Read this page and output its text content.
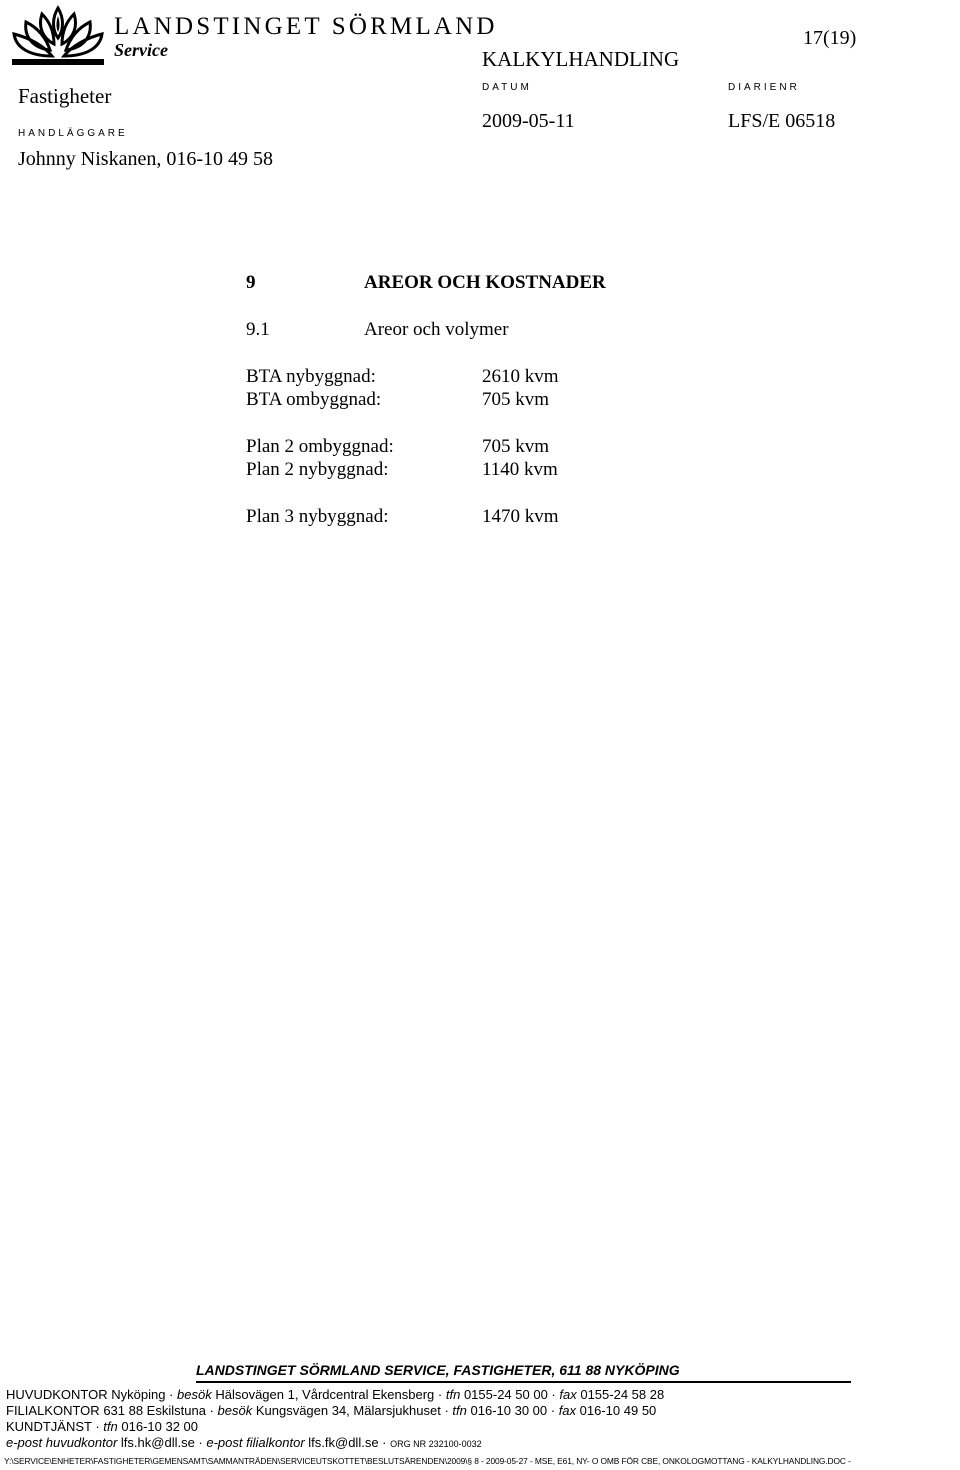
LANDSTINGET SÖRMLAND
Service
17(19)
KALKYLHANDLING
Fastigheter	DATUM	DIARIENR
2009-05-11	LFS/E 06518
HANDLÄGGARE
Johnny Niskanen, 016-10 49 58
9	AREOR OCH KOSTNADER
9.1	Areor och volymer
BTA nybyggnad:	2610 kvm
BTA ombyggnad:	705 kvm
Plan 2 ombyggnad:	705 kvm
Plan 2 nybyggnad:	1140 kvm
Plan 3 nybyggnad:	1470 kvm
LANDSTINGET SÖRMLAND SERVICE, FASTIGHETER, 611 88 NYKÖPING
HUVUDKONTOR Nyköping · besök Hälsovägen 1, Vårdcentral Ekensberg · tfn 0155-24 50 00 · fax 0155-24 58 28
FILIALKONTOR 631 88 Eskilstuna · besök Kungsvägen 34, Mälarsjukhuset · tfn 016-10 30 00 · fax 016-10 49 50
KUNDTJÄNST · tfn 016-10 32 00
e-post huvudkontor lfs.hk@dll.se · e-post filialkontor lfs.fk@dll.se · ORG NR 232100-0032
Y:\SERVICE\ENHETER\FASTIGHETER\GEMENSAMT\SAMMANTRÄDEN\SERVICEUTSKOTTET\BESLUTSÄRENDEN\2009\§ 8 - 2009-05-27 - MSE, E61, NY- O OMB FÖR CBE, ONKOLOGMOTTANG - KALKYLHANDLING.DOC -
